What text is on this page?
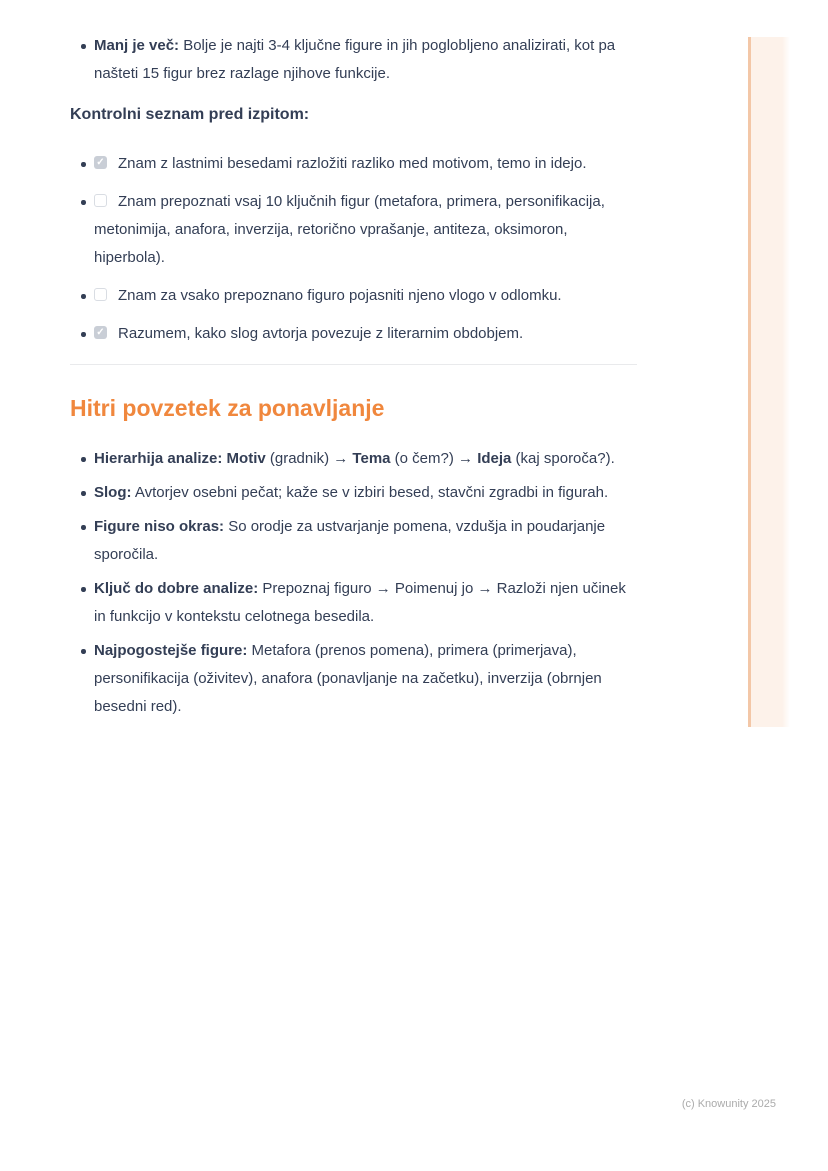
Manj je več: Bolje je najti 3-4 ključne figure in jih poglobljeno analizirati, kot pa našteti 15 figur brez razlage njihove funkcije.
Kontrolni seznam pred izpitom:
✓Znam z lastnimi besedami razložiti razliko med motivom, temo in idejo.
Znam prepoznati vsaj 10 ključnih figur (metafora, primera, personifikacija, metonimija, anafora, inverzija, retorično vprašanje, antiteza, oksimoron, hiperbola).
Znam za vsako prepoznano figuro pojasniti njeno vlogo v odlomku.
✓Razumem, kako slog avtorja povezuje z literarnim obdobjem.
Hitri povzetek za ponavljanje
Hierarhija analize: Motiv (gradnik) → Tema (o čem?) → Ideja (kaj sporoča?).
Slog: Avtorjev osebni pečat; kaže se v izbiri besed, stavčni zgradbi in figurah.
Figure niso okras: So orodje za ustvarjanje pomena, vzdušja in poudarjanje sporočila.
Ključ do dobre analize: Prepoznaj figuro → Poimenuj jo → Razloži njen učinek in funkcijo v kontekstu celotnega besedila.
Najpogostejše figure: Metafora (prenos pomena), primera (primerjava), personifikacija (oživitev), anafora (ponavljanje na začetku), inverzija (obrnjen besedni red).
(c) Knowunity 2025
